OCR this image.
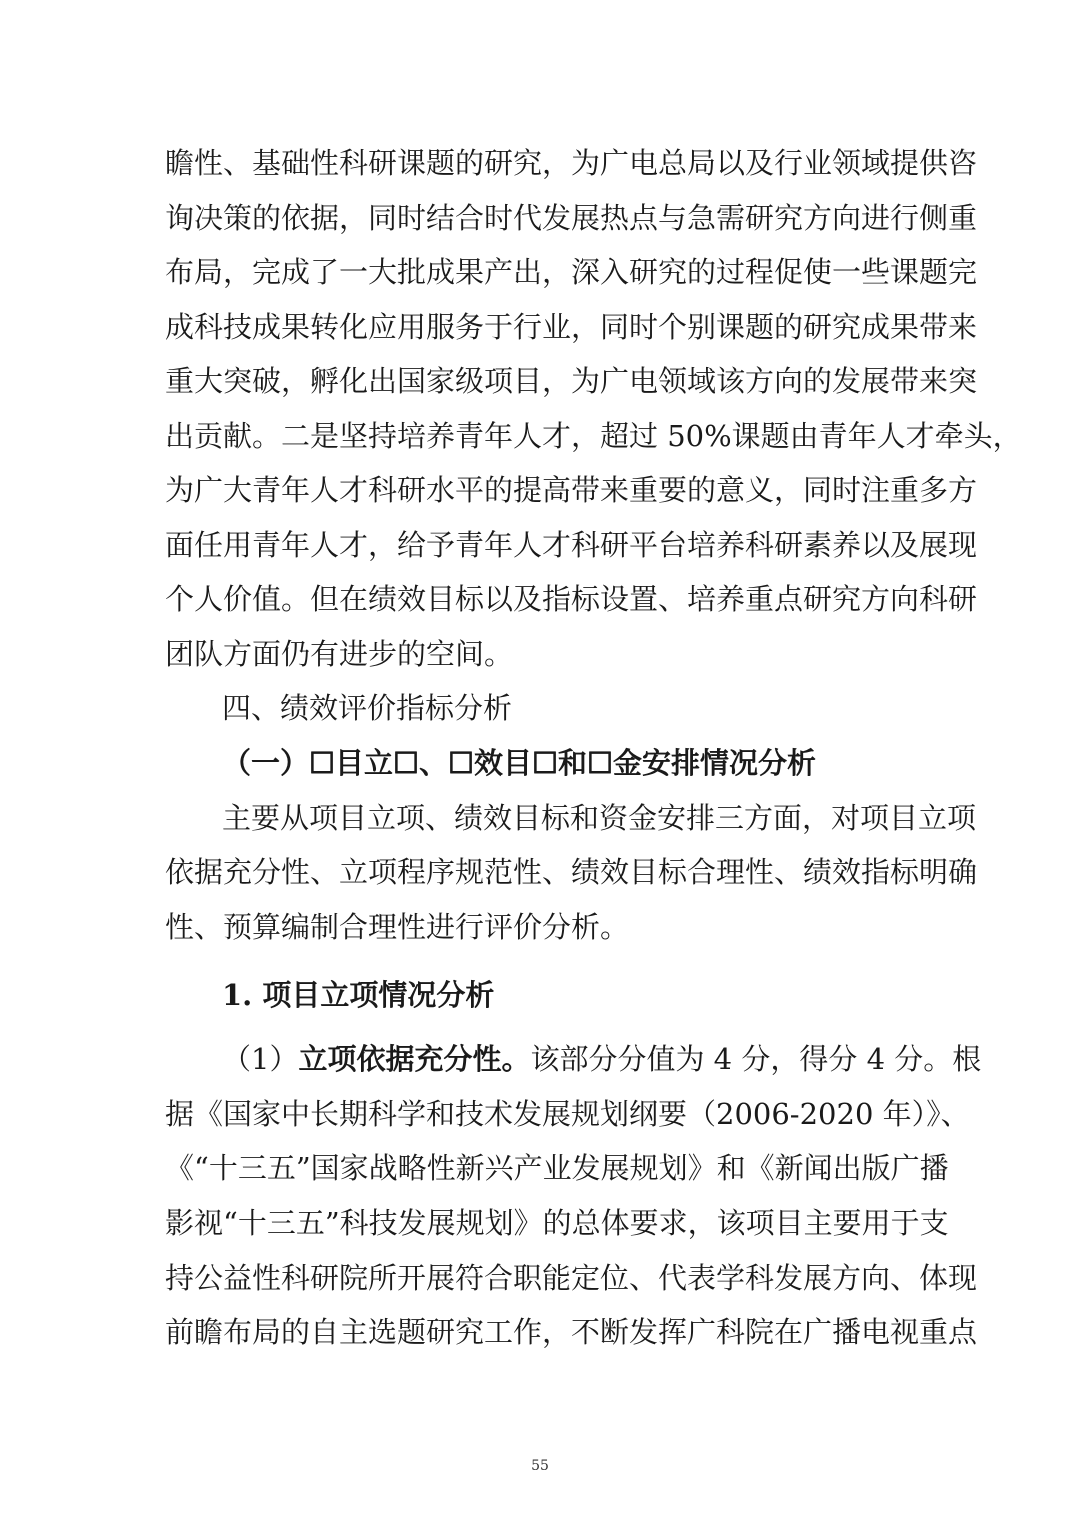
瞻性、基础性科研课题的研究，为广电总局以及行业领域提供咨
询决策的依据，同时结合时代发展热点与急需研究方向进行侧重
布局，完成了一大批成果产出，深入研究的过程促使一些课题完
成科技成果转化应用服务于行业，同时个别课题的研究成果带来
重大突破，孵化出国家级项目，为广电领域该方向的发展带来突
出贡献。二是坚持培养青年人才，超过 50%课题由青年人才牵头，
为广大青年人才科研水平的提高带来重要的意义，同时注重多方
面任用青年人才，给予青年人才科研平台培养科研素养以及展现
个人价值。但在绩效目标以及指标设置、培养重点研究方向科研
团队方面仍有进步的空间。
四、绩效评价指标分析
（一）☐目立☐、☐效目☐和☐金安排情况分析
主要从项目立项、绩效目标和资金安排三方面，对项目立项
依据充分性、立项程序规范性、绩效目标合理性、绩效指标明确
性、预算编制合理性进行评价分析。
1. 项目立项情况分析
（1）立项依据充分性。该部分分值为 4 分，得分 4 分。根
据《国家中长期科学和技术发展规划纲要（2006-2020 年）》、
《“十三五”国家战略性新兴产业发展规划》和《新闻出版广播
影视“十三五”科技发展规划》的总体要求，该项目主要用于支
持公益性科研院所开展符合职能定位、代表学科发展方向、体现
前瞻布局的自主选题研究工作，不断发挥广科院在广播电视重点
55
